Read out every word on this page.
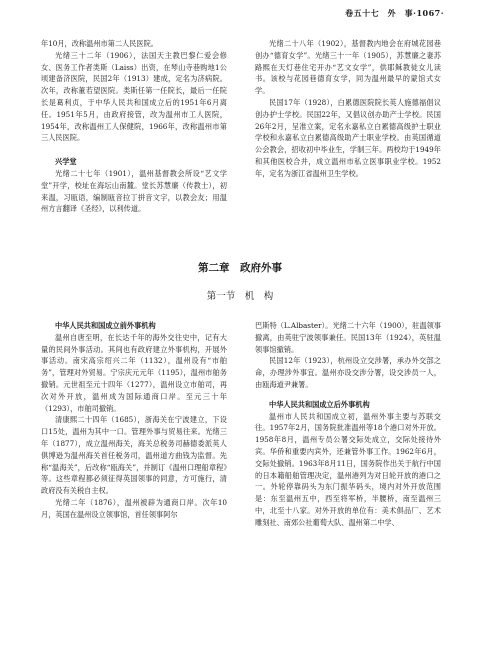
卷五十七　外　事·1067·

年10月，改称温州市第二人民医院。

光绪三十二年（1906），法国天主教巴黎仁爱会修女、医务工作者类斯（Laiss）出资，在琴山寺巷购地1公顷建备济医院，民国2年（1913）建成，定名为济病院。次年，改称董若望医院。类斯任第一任院长，最后一任院长是葛利贞，于中华人民共和国成立后的1951年6月离任。1951年5月，由政府接管，改为温州市工人医院，1954年，改称温州工人保健院，1966年，改称温州市第三人民医院。

兴学堂

光绪二十七年（1901），温州基督教会所设“艺文学堂”开学，校址在海坛山南麓。堂长苏慧廉（传教士），初来温，习瓯语，编制瓯音拉丁拼音文字，以教会友；用温州方言翻译《圣经》，以利传道。

光绪二十八年（1902），基督教内地会在府城花园巷创办“德育女学”。光绪三十一年（1905），苏慧廉之妻苏路熙在天灯巷住宅开办“艺文女学”，供耶稣教徒女儿读书。该校与花园巷德育女学，同为温州最早的蒙馆式女学。

民国17年（1928），白累德医院院长英人施德福倡议创办护士学校。民国22年，又倡议创办助产士学校。民国26年2月，呈准立案，定名永嘉私立白累德高级护士职业学校和永嘉私立白累德高级助产士职业学校。由英国循道公会教会，招收初中毕业生，学制三年。两校均于1949年和其他医校合并，成立温州市私立医事职业学校。1952年，定名为浙江省温州卫生学校。

第二章　政府外事
第一节　机　构

中华人民共和国成立前外事机构

温州自唐至明，在长达千年的海外交往史中，记有大量的民间外事活动。其间也有政府建立外事机构，开展外事活动。南宋高宗绍兴二年（1132），温州设有“市舶务”，管理对外贸易。宁宗庆元元年（1195），温州市舶务撤销。元世祖至元十四年（1277），温州设立市舶司，再次对外开放，温州成为国际通商口岸。至元三十年（1293），市舶司撤销。

清康熙二十四年（1685），浙海关在宁波建立，下设口15处，温州为其中一口。管理外事与贸易往来。光绪三年（1877），成立温州海关，海关总税务司赫德委派英人俱博逊为温州海关首任税务司，温州道方曲钱为监督。先称“温海关”，后改称“瓯海关”，并制订《温州口理船章程》等。这些章程都必须征得英国领事的同意，方可施行，清政府没有关税自主权。

光绪二年（1876），温州被辟为通商口岸。次年10月，英国在温州设立领事馆，首任领事阿尔

巴斯特（L.Albaster）。光绪二十六年（1900），驻温领事撤离，由英驻宁波领事兼任。民国13年（1924），英驻温领事馆撤销。

民国12年（1923），杭州设立交涉署，承办外交部之命，办理涉外事宜。温州亦设交涉分署，设交涉员一人，由瓯海道尹兼署。

中华人民共和国成立后外事机构

温州市人民共和国成立初，温州外事主要与苏联交往。1957年2月，国务院批准温州等18个港口对外开放。1958年8月，温州专员公署交际处成立，交际处接待外宾。华侨和重要内宾外，还兼管外事工作。1962年6月，交际处撤销。1963年8月11日，国务院作出关于航行中国的日本籍船舶管理决定，温州港列为对日轮开放的港口之一。外轮停靠码头为东门振华码头，境内对外开放范围是：东至温州五中，西至将军桥，半腰桥，南至温州三中，北至十八家。对外开放的单位有：美术俱品厂、艺术雕刻社、南郊公社葡萄大队、温州第二中学、
